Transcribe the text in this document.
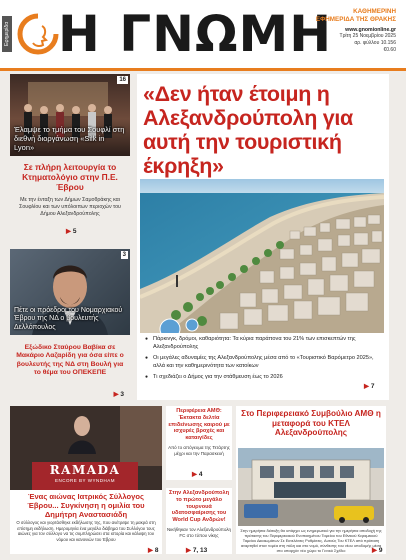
Εφημερίδα Η ΓΝΩΜΗ	ΚΑΘΗΜΕΡΙΝΗ
ΕΦΗΜΕΡΙΔΑ ΤΗΣ ΘΡΑΚΗΣ
www.gnomionline.gr
Τρίτη 25 Νοεμβρίου 2025
αρ. φύλλου 10.156
€0.60
16
Έλαμψε το τμήμα του Σουφλί στη διεθνή διοργάνωση «Silk in Lyon»
Σε πλήρη λειτουργία το Κτηματολόγιο στην Π.Ε. Έβρου
Με την ένταξη των Δήμων Σαμοθράκης και Σουφλίου και των υπόλοιπων περιοχών του Δήμου Αλεξανδρούπολης
▶ 5
3
Πέτε οι πρόεδροι του Νομαρχιακού Έβρου της ΝΔ ο βουλευτής Δελλόπουλος
Εξώδικο Σταύρου Βαβίκα σε Μακάριο Λαζαρίδη για όσα είπε ο βουλευτής της ΝΔ στη Βουλή για το θέμα του ΟΠΕΚΕΠΕ
▶ 3
«Δεν ήταν έτοιμη η Αλεξανδρούπολη για αυτή την τουριστική έκρηξη»
● Πάρκινγκ, δρόμοι, καθαριότητα: Τα κύρια παράπονα του 21% των επισκεπτών της Αλεξανδρούπολης
● Οι μεγάλες αδυναμίες της Αλεξανδρούπολης μέσα από το «Τουριστικό Βαρόμετρο 2025», αλλά και την καθημερινότητα των κατοίκων
● Τι σχεδιάζει ο Δήμος για την στάθμευση έως το 2026
▶ 7
RAMADA
ENCORE BY WYNDHAM
Ένας αιώνας Ιατρικός Σύλλογος Έβρου... Συγκίνηση η ομιλία του Δημήτρη Αναστασιάδη
Ο σύλλογος και γιορτάσθηκε εκδήλωσης της, που ανέτρεψε τη μακρά στη επίσημη εκδήλωση. Ημερομηνία ένα μεγάλο διάβημα του Συλλόγου τους αιώνες για τον σύλλογο να τις συμπληρώσει στα ιστορία και κάλυψη του νόμου και κανονιών του Έβρου
▶ 8
Περιφέρεια ΑΜΘ: Έκτακτα δελτία επιδείνωσης καιρού με ισχυρές βροχές και καταιγίδες
Από το απόγευμα της Τετάρτης μέχρι και την Παρασκευή
▶ 4
Στην Αλεξανδρούπολη το πρώτο μεγάλο τουρνουά υδατοσφαίρισης του World Cup Ανδρών!
Νικήθηκαν τον Αλεξανδρούπολη FC στο τύπου νίκης
▶ 7, 13
Στο Περιφερειακό Συμβούλιο ΑΜΘ η μεταφορά του ΚΤΕΛ Αλεξανδρούπολης
Στην ημερήσια διάταξη θα υπάρχει ως ενημερωτικό για την ημερήσια αποδοχή της πρότασης του Περιφερειακού Ενοποιημένου Ταμείου του Εθνικού Κεραμεικού Ταμείου Δικαιωμάτων Σε Εκτελέσεις Ρυθμίσεις, Αυτούς Του ΚΤΕΛ από πρόταση αναρτηθεί στον τομέα στη πόλη και στο νομό, σύνθεσης του νέου υποδομής μέσα στο υπαρχόν νέο χώρο το Γενικό Σχέδιο	▶ 9
